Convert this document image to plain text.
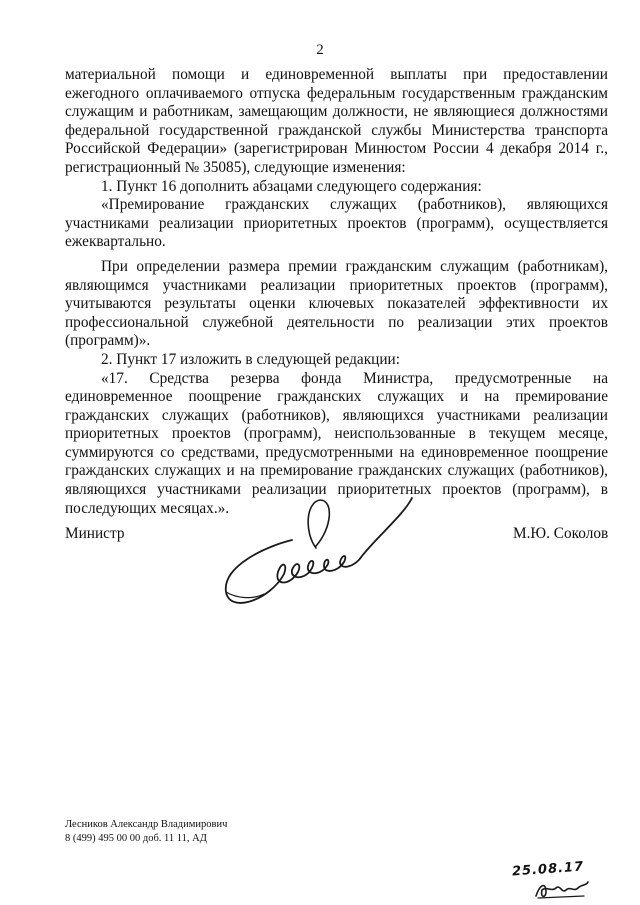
2

материальной помощи и единовременной выплаты при предоставлении ежегодного оплачиваемого отпуска федеральным государственным гражданским служащим и работникам, замещающим должности, не являющиеся должностями федеральной государственной гражданской службы Министерства транспорта Российской Федерации» (зарегистрирован Минюстом России 4 декабря 2014 г., регистрационный № 35085), следующие изменения:

1. Пункт 16 дополнить абзацами следующего содержания:

«Премирование гражданских служащих (работников), являющихся участниками реализации приоритетных проектов (программ), осуществляется ежеквартально.

При определении размера премии гражданским служащим (работникам), являющимся участниками реализации приоритетных проектов (программ), учитываются результаты оценки ключевых показателей эффективности их профессиональной служебной деятельности по реализации этих проектов (программ)».

2. Пункт 17 изложить в следующей редакции:

«17. Средства резерва фонда Министра, предусмотренные на единовременное поощрение гражданских служащих и на премирование гражданских служащих (работников), являющихся участниками реализации приоритетных проектов (программ), неиспользованные в текущем месяце, суммируются со средствами, предусмотренными на единовременное поощрение гражданских служащих и на премирование гражданских служащих (работников), являющихся участниками реализации приоритетных проектов (программ), в последующих месяцах.».

Министр	М.Ю. Соколов
Лесников Александр Владимирович
8 (499) 495 00 00 доб. 11 11, АД
25.08.17
